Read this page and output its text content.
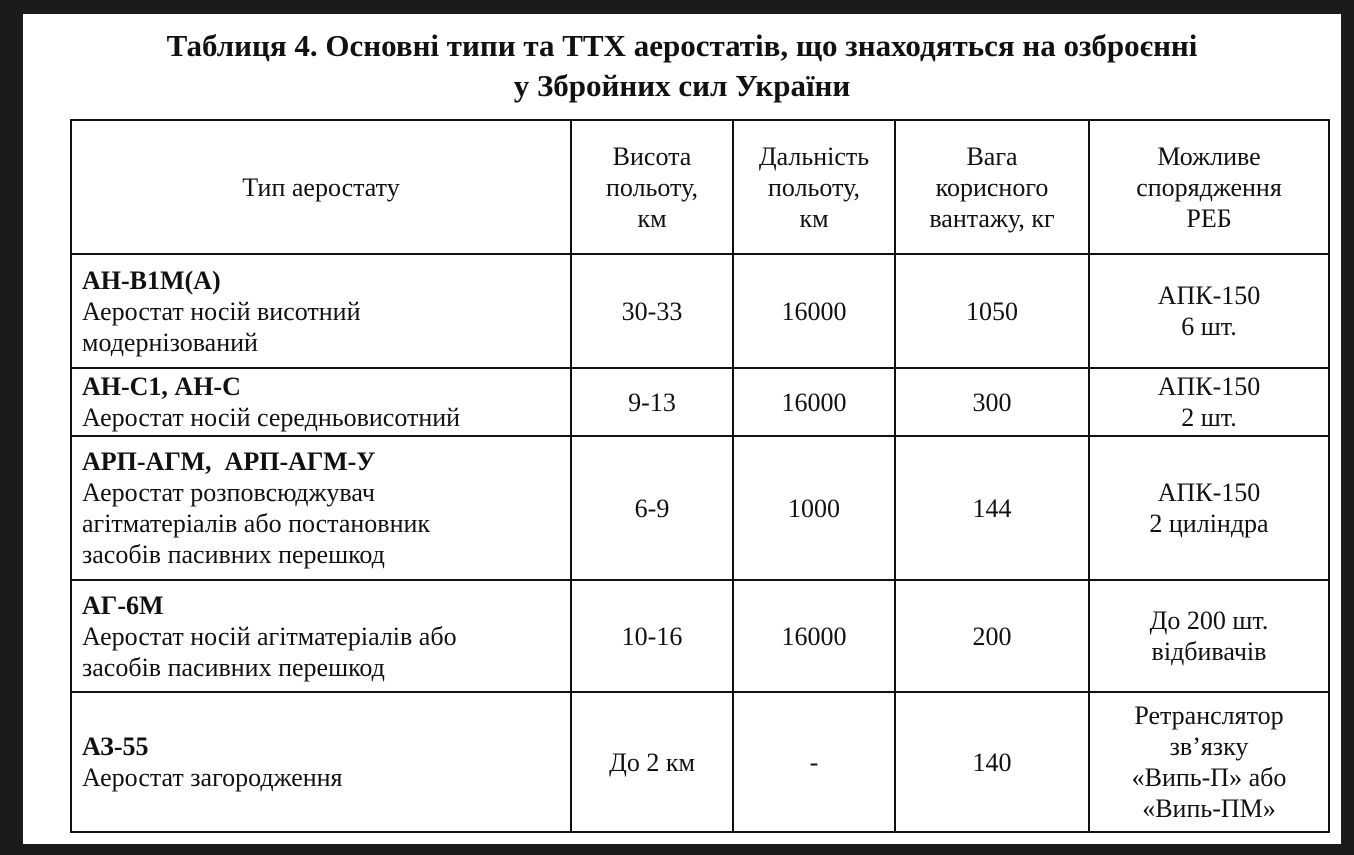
Таблиця 4. Основні типи та ТТХ аеростатів, що знаходяться на озброєнні
у Збройних сил України
Тип аеростату	Висота
польоту,
км	Дальність
польоту,
км	Вага
корисного
вантажу, кг	Можливе
спорядження
РЕБ

АН-В1М(А)
Аеростат носій висотний
модернізований	30-33	16000	1050	АПК-150
6 шт.

АН-С1, АН-С
Аеростат носій середньовисотний	9-13	16000	300	АПК-150
2 шт.

АРП-АГМ,  АРП-АГМ-У
Аеростат розповсюджувач
агітматеріалів або постановник
засобів пасивних перешкод	6-9	1000	144	АПК-150
2 циліндра

АГ-6М
Аеростат носій агітматеріалів або
засобів пасивних перешкод	10-16	16000	200	До 200 шт.
відбивачів

АЗ-55
Аеростат загородження	До 2 км	-	140	Ретранслятор
зв’язку
«Випь-П» або
«Випь-ПМ»
